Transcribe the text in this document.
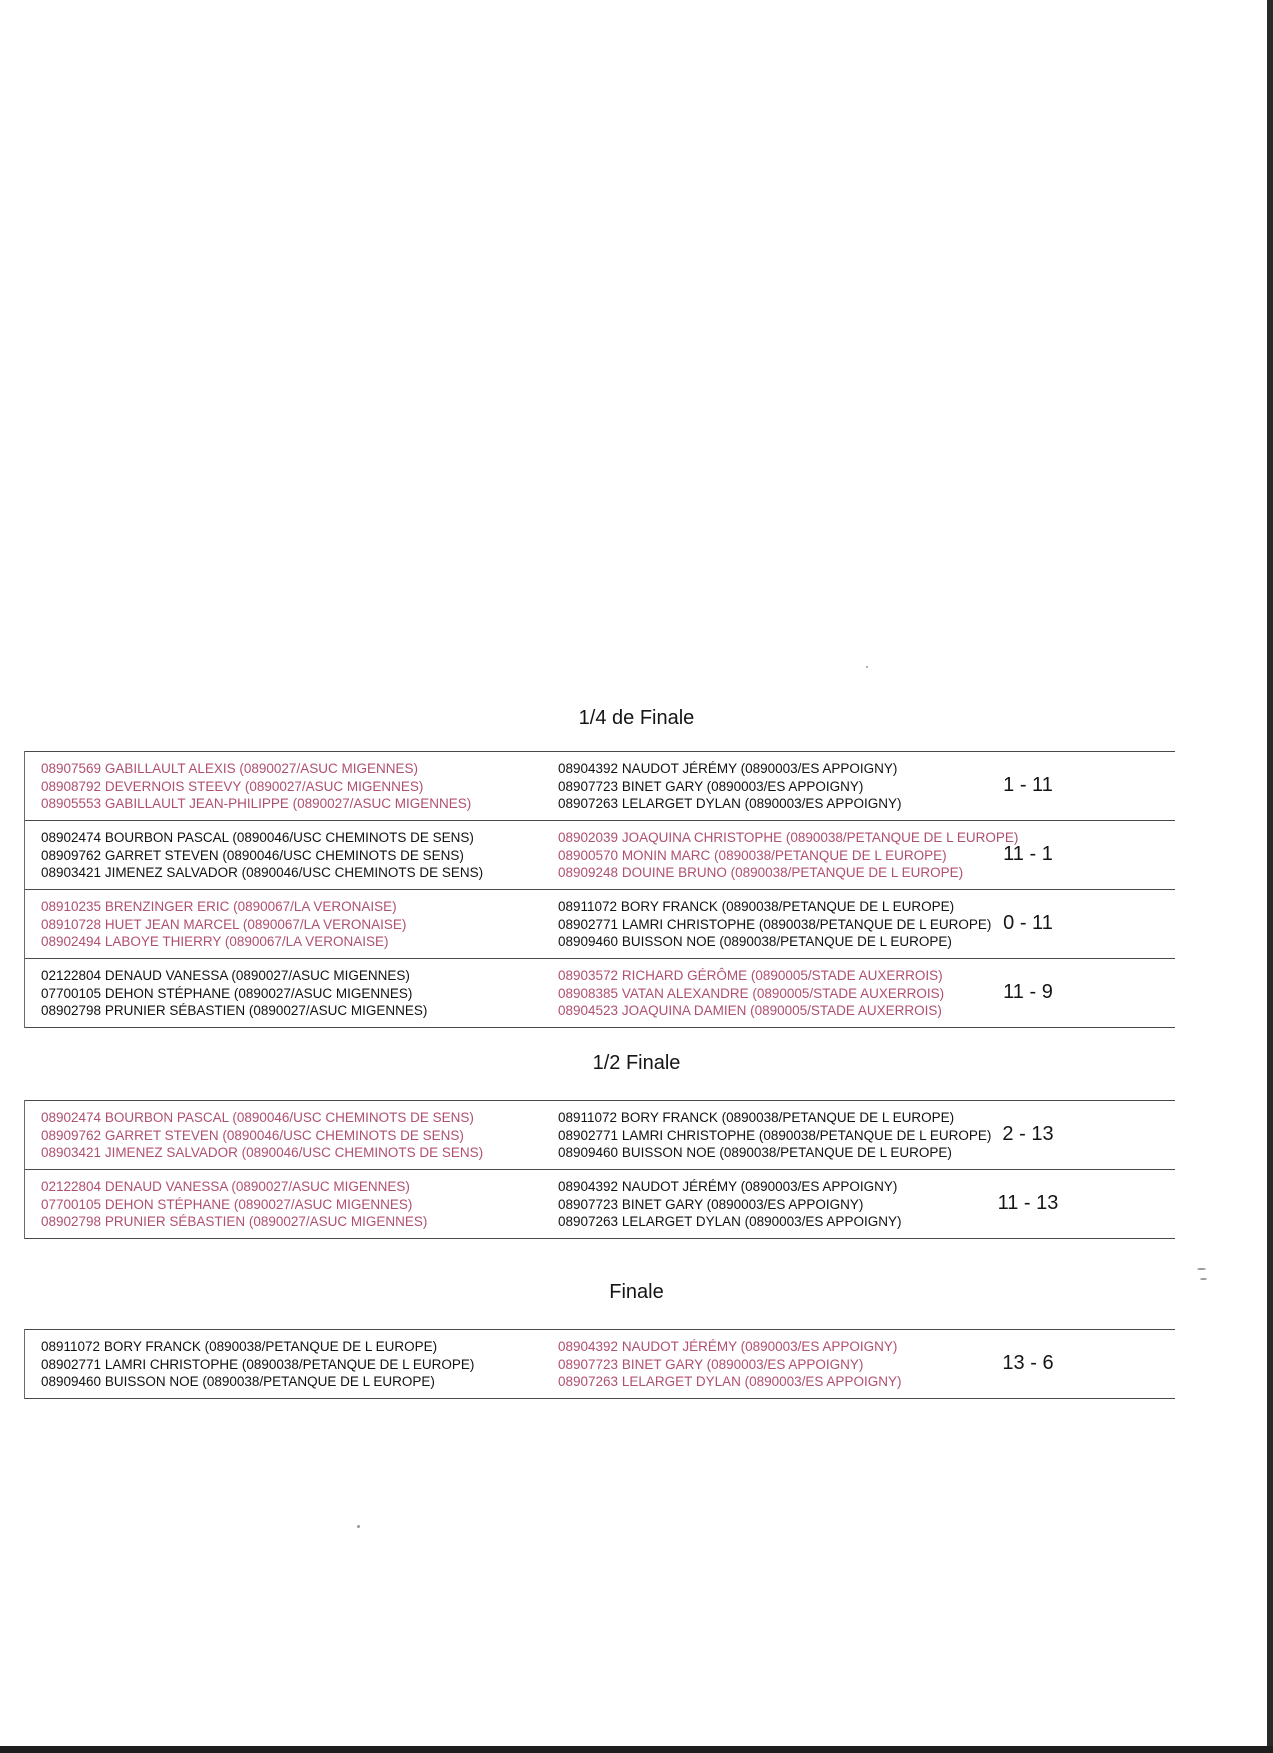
1/4 de Finale
08907569 GABILLAULT ALEXIS (0890027/ASUC MIGENNES)
08908792 DEVERNOIS STEEVY (0890027/ASUC MIGENNES)
08905553 GABILLAULT JEAN-PHILIPPE (0890027/ASUC MIGENNES)
08904392 NAUDOT JÉRÉMY (0890003/ES APPOIGNY)
08907723 BINET GARY (0890003/ES APPOIGNY)
08907263 LELARGET DYLAN (0890003/ES APPOIGNY)
1 - 11
08902474 BOURBON PASCAL (0890046/USC CHEMINOTS DE SENS)
08909762 GARRET STEVEN (0890046/USC CHEMINOTS DE SENS)
08903421 JIMENEZ SALVADOR (0890046/USC CHEMINOTS DE SENS)
08902039 JOAQUINA CHRISTOPHE (0890038/PETANQUE DE L EUROPE)
08900570 MONIN MARC (0890038/PETANQUE DE L EUROPE)
08909248 DOUINE BRUNO (0890038/PETANQUE DE L EUROPE)
11 - 1
08910235 BRENZINGER ERIC (0890067/LA VERONAISE)
08910728 HUET JEAN MARCEL (0890067/LA VERONAISE)
08902494 LABOYE THIERRY (0890067/LA VERONAISE)
08911072 BORY FRANCK (0890038/PETANQUE DE L EUROPE)
08902771 LAMRI CHRISTOPHE (0890038/PETANQUE DE L EUROPE)
08909460 BUISSON NOE (0890038/PETANQUE DE L EUROPE)
0 - 11
02122804 DENAUD VANESSA (0890027/ASUC MIGENNES)
07700105 DEHON STÉPHANE (0890027/ASUC MIGENNES)
08902798 PRUNIER SÉBASTIEN (0890027/ASUC MIGENNES)
08903572 RICHARD GÉRÔME (0890005/STADE AUXERROIS)
08908385 VATAN ALEXANDRE (0890005/STADE AUXERROIS)
08904523 JOAQUINA DAMIEN (0890005/STADE AUXERROIS)
11 - 9
1/2 Finale
08902474 BOURBON PASCAL (0890046/USC CHEMINOTS DE SENS)
08909762 GARRET STEVEN (0890046/USC CHEMINOTS DE SENS)
08903421 JIMENEZ SALVADOR (0890046/USC CHEMINOTS DE SENS)
08911072 BORY FRANCK (0890038/PETANQUE DE L EUROPE)
08902771 LAMRI CHRISTOPHE (0890038/PETANQUE DE L EUROPE)
08909460 BUISSON NOE (0890038/PETANQUE DE L EUROPE)
2 - 13
02122804 DENAUD VANESSA (0890027/ASUC MIGENNES)
07700105 DEHON STÉPHANE (0890027/ASUC MIGENNES)
08902798 PRUNIER SÉBASTIEN (0890027/ASUC MIGENNES)
08904392 NAUDOT JÉRÉMY (0890003/ES APPOIGNY)
08907723 BINET GARY (0890003/ES APPOIGNY)
08907263 LELARGET DYLAN (0890003/ES APPOIGNY)
11 - 13
Finale
08911072 BORY FRANCK (0890038/PETANQUE DE L EUROPE)
08902771 LAMRI CHRISTOPHE (0890038/PETANQUE DE L EUROPE)
08909460 BUISSON NOE (0890038/PETANQUE DE L EUROPE)
08904392 NAUDOT JÉRÉMY (0890003/ES APPOIGNY)
08907723 BINET GARY (0890003/ES APPOIGNY)
08907263 LELARGET DYLAN (0890003/ES APPOIGNY)
13 - 6
